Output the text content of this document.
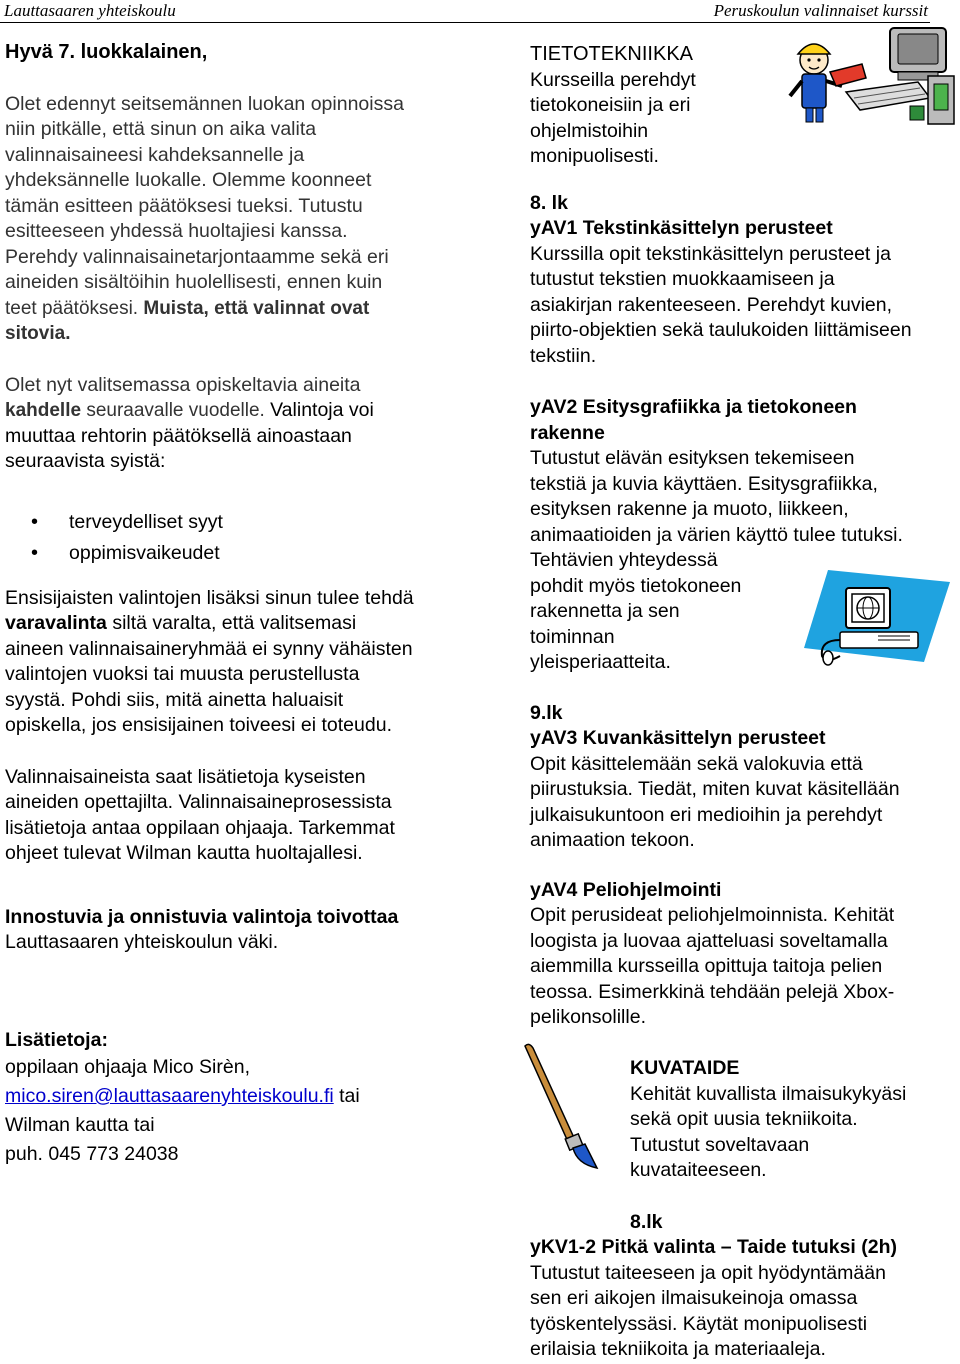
Lauttasaaren yhteiskoulu	Peruskoulun valinnaiset kurssit

Hyvä 7. luokkalainen,

Olet edennyt seitsemännen luokan opinnoissa
niin pitkälle, että sinun on aika valita
valinnaisaineesi kahdeksannelle ja
yhdeksännelle luokalle. Olemme koonneet
tämän esitteen päätöksesi tueksi. Tutustu
esitteeseen yhdessä huoltajiesi kanssa.
Perehdy valinnaisainetarjontaamme sekä eri
aineiden sisältöihin huolellisesti, ennen kuin
teet päätöksesi. Muista, että valinnat ovat
sitovia.
Olet nyt valitsemassa opiskeltavia aineita
kahdelle seuraavalle vuodelle. Valintoja voi
muuttaa rehtorin päätöksellä ainoastaan
seuraavista syistä:
• terveydelliset syyt
• oppimisvaikeudet
Ensisijaisten valintojen lisäksi sinun tulee tehdä
varavalinta siltä varalta, että valitsemasi
aineen valinnaisaineryhmää ei synny vähäisten
valintojen vuoksi tai muusta perustellusta
syystä. Pohdi siis, mitä ainetta haluaisit
opiskella, jos ensisijainen toiveesi ei toteudu.
Valinnaisaineista saat lisätietoja kyseisten
aineiden opettajilta. Valinnaisaineprosessista
lisätietoja antaa oppilaan ohjaaja. Tarkemmat
ohjeet tulevat Wilman kautta huoltajallesi.
Innostuvia ja onnistuvia valintoja toivottaa
Lauttasaaren yhteiskoulun väki.
Lisätietoja:
oppilaan ohjaaja Mico Sirèn,
mico.siren@lauttasaarenyhteiskoulu.fi tai
Wilman kautta tai
puh. 045 773 24038
TIETOTEKNIIKKA
Kursseilla perehdyt
tietokoneisiin ja eri
ohjelmistoihin
monipuolisesti.
8. lk
yAV1 Tekstinkäsittelyn perusteet
Kurssilla opit tekstinkäsittelyn perusteet ja
tutustut tekstien muokkaamiseen ja
asiakirjan rakenteeseen. Perehdyt kuvien,
piirto-objektien sekä taulukoiden liittämiseen
tekstiin.
yAV2 Esitysgrafiikka ja tietokoneen
rakenne
Tutustut elävän esityksen tekemiseen
tekstiä ja kuvia käyttäen. Esitysgrafiikka,
esityksen rakenne ja muoto, liikkeen,
animaatioiden ja värien käyttö tulee tutuksi.
Tehtävien yhteydessä
pohdit myös tietokoneen
rakennetta ja sen
toiminnan
yleisperiaatteita.
9.lk
yAV3 Kuvankäsittelyn perusteet
Opit käsittelemään sekä valokuvia että
piirustuksia. Tiedät, miten kuvat käsitellään
julkaisukuntoon eri medioihin ja perehdyt
animaation tekoon.
yAV4 Peliohjelmointi
Opit perusideat peliohjelmoinnista. Kehität
loogista ja luovaa ajatteluasi soveltamalla
aiemmilla kursseilla opittuja taitoja pelien
teossa. Esimerkkinä tehdään pelejä Xbox-
pelikonsolille.
KUVATAIDE
Kehität kuvallista ilmaisukykyäsi
sekä opit uusia tekniikoita.
Tutustut soveltavaan
kuvataiteeseen.
8.lk
yKV1-2 Pitkä valinta – Taide tutuksi (2h)
Tutustut taiteeseen ja opit hyödyntämään
sen eri aikojen ilmaisukeinoja omassa
työskentelyssäsi. Käytät monipuolisesti
erilaisia tekniikoita ja materiaaleja.
